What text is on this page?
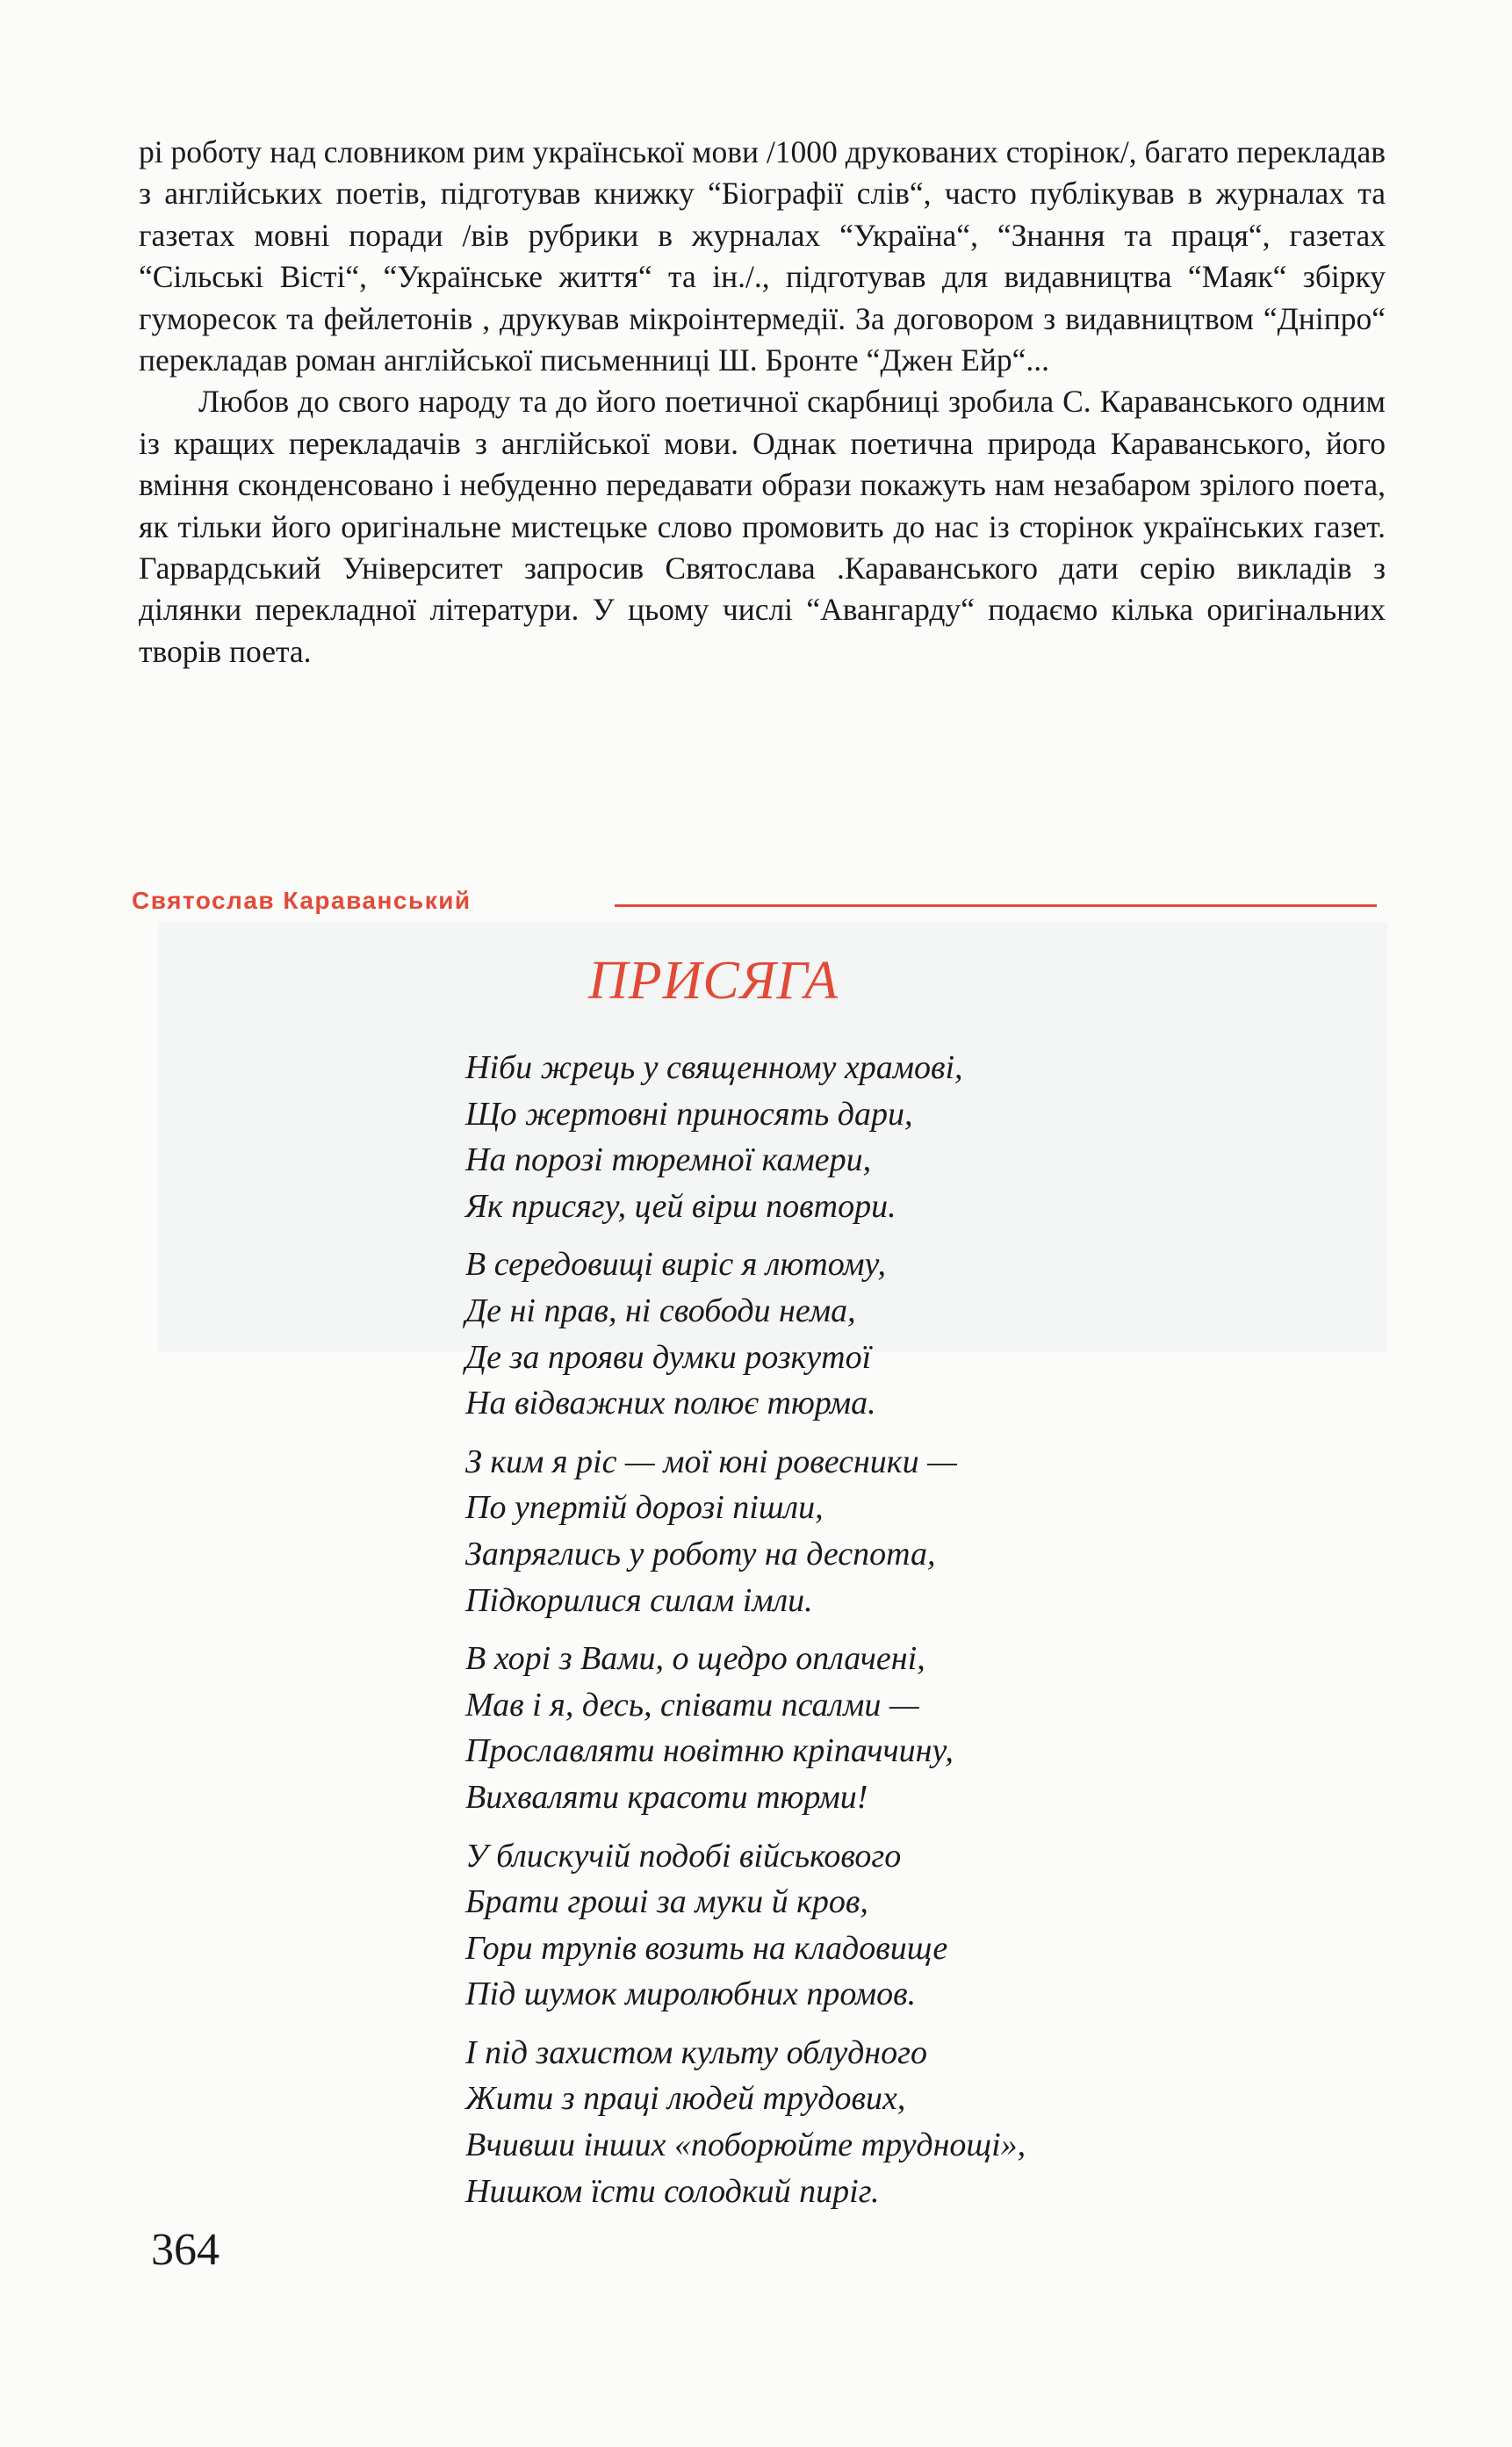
рі роботу над словником рим української мови /1000 друкованих сторінок/, багато перекладав з англійських поетів, підготував книжку “Біографії слів“, часто публікував в журналах та газетах мовні поради /вів рубрики в журналах “Україна“, “Знання та праця“, газетах “Сільські Вісті“, “Українське життя“ та ін./., підготував для видавництва “Маяк“ збірку гуморесок та фейлетонів , друкував мікроінтермедії. За договором з видавництвом “Дніпро“ перекладав роман англійської письменниці Ш. Бронте “Джен Ейр“...

Любов до свого народу та до його поетичної скарбниці зробила С. Караванського одним із кращих перекладачів з англійської мови. Однак поетична природа Караванського, його вміння сконденсовано і небуденно передавати образи покажуть нам незабаром зрілого поета, як тільки його оригінальне мистецьке слово промовить до нас із сторінок українських газет. Гарвардський Університет запросив Святослава .Караванського дати серію викладів з ділянки перекладної літератури. У цьому числі “Авангарду“ подаємо кілька оригінальних творів поета.

Святослав Караванський
ПРИСЯГА
Ніби жрець у священному храмові,
Що жертовні приносять дари,
На порозі тюремної камери,
Як присягу, цей вірш повтори.
В середовищі виріс я лютому,
Де ні прав, ні свободи нема,
Де за прояви думки розкутої
На відважних полює тюрма.
З ким я ріс — мої юні ровесники —
По упертій дорозі пішли,
Запряглись у роботу на деспота,
Підкорилися силам імли.
В хорі з Вами, о щедро оплачені,
Мав і я, десь, співати псалми —
Прославляти новітню кріпаччину,
Вихваляти красоти тюрми!
У блискучій подобі військового
Брати гроші за муки й кров,
Гори трупів возить на кладовище
Під шумок миролюбних промов.
І під захистом культу облудного
Жити з праці людей трудових,
Вчивши інших «поборюйте труднощі»,
Нишком їсти солодкий пиріг.
364
